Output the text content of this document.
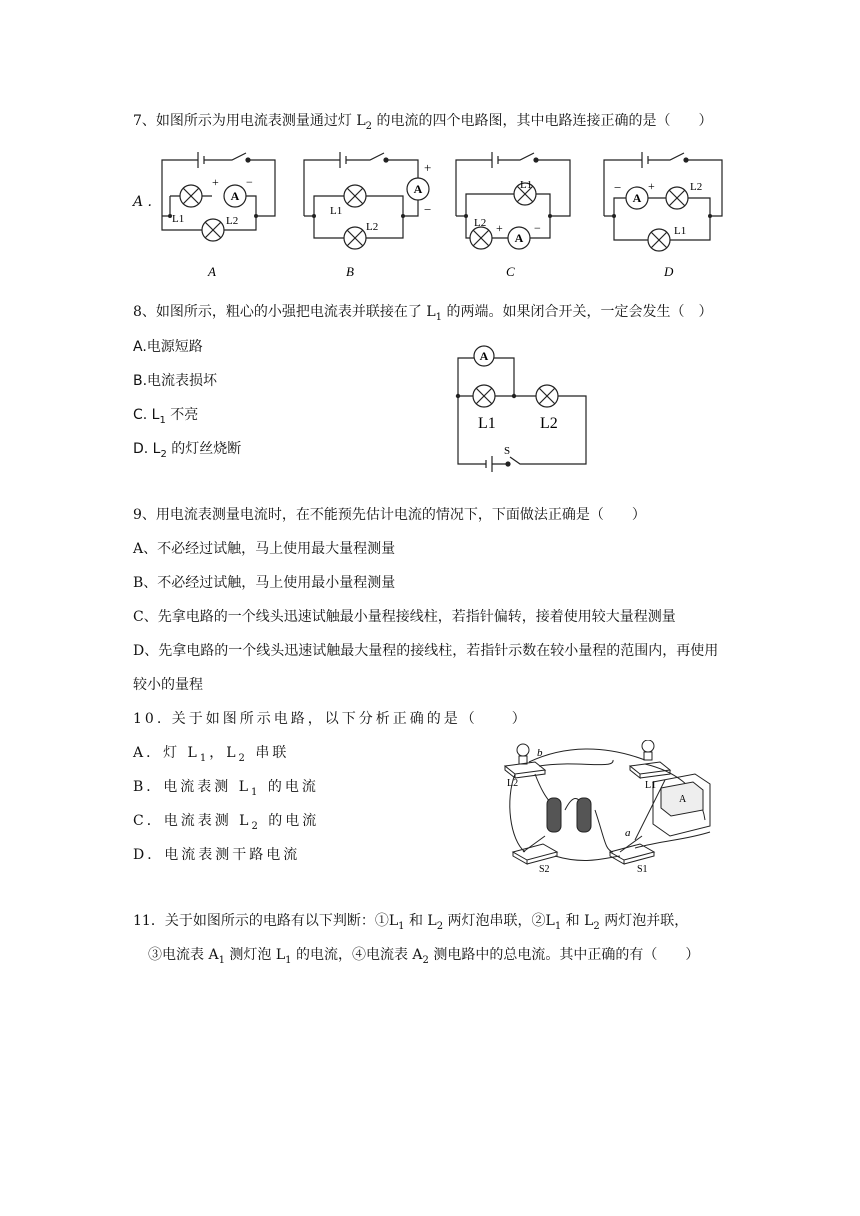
7、如图所示为用电流表测量通过灯 $L_2$ 的电流的四个电路图，其中电路连接正确的是（　　）
A .	A
+ −
L1	L2
A
A
+
−
L1
L2
B
A
+	−
L1
L2
C
A
− +	L2
L1
D
8、如图所示，粗心的小强把电流表并联接在了 $L_1$ 的两端。如果闭合开关，一定会发生（　）
A.电源短路
B.电流表损坏
C. $L_1$ 不亮
D. $L_2$ 的灯丝烧断
A
L1	L2
S
9、用电流表测量电流时，在不能预先估计电流的情况下，下面做法正确是（　　）
A、不必经过试触，马上使用最大量程测量
B、不必经过试触，马上使用最小量程测量
C、先拿电路的一个线头迅速试触最小量程接线柱，若指针偏转，接着使用较大量程测量
D、先拿电路的一个线头迅速试触最大量程的接线柱，若指针示数在较小量程的范围内，再使用
较小的量程
10. 关于如图所示电路，以下分析正确的是（　　）
A．灯 $L_1$，$L_2$ 串联
B．电流表测 $L_1$ 的电流
C．电流表测 $L_2$ 的电流
D．电流表测干路电流
b
a
L2	L1
A
S2	S1
11．关于如图所示的电路有以下判断：$①L_1$ 和 $L_2$ 两灯泡串联，$②L_1$ 和 $L_2$ 两灯泡并联，
③电流表 $A_1$ 测灯泡 $L_1$ 的电流，④电流表 $A_2$ 测电路中的总电流。其中正确的有（　　）
